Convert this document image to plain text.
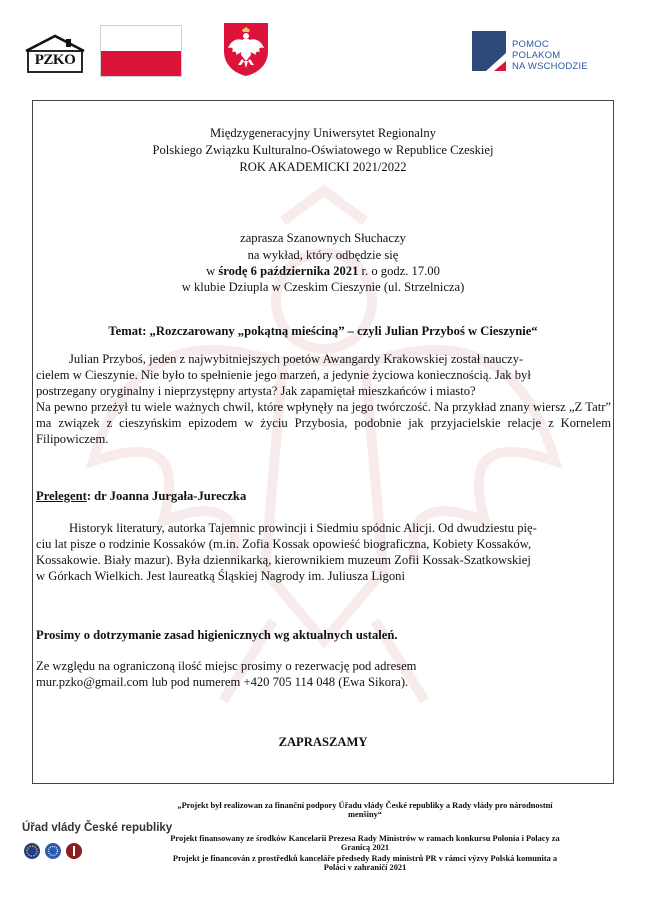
PZKO
POMOC
POLAKOM
NA WSCHODZIE
Międzygeneracyjny Uniwersytet Regionalny
Polskiego Związku Kulturalno-Oświatowego w Republice Czeskiej
ROK AKADEMICKI 2021/2022
zaprasza Szanownych Słuchaczy
na wykład, który odbędzie się
w środę 6 października 2021 r. o godz. 17.00
w klubie Dziupla w Czeskim Cieszynie (ul. Strzelnicza)
Temat: „Rozczarowany „pokątną mieściną” – czyli Julian Przyboś w Cieszynie“

Julian Przyboś, jeden z najwybitniejszych poetów Awangardy Krakowskiej został nauczy-

cielem w Cieszynie. Nie było to spełnienie jego marzeń, a jedynie życiowa koniecznością. Jak był

postrzegany oryginalny i nieprzystępny artysta? Jak zapamiętał mieszkańców i miasto?

Na pewno przeżył tu wiele ważnych chwil, które wpłynęły na jego twórczość. Na przykład znany wiersz „Z Tatr” ma związek z cieszyńskim epizodem w życiu Przybosia, podobnie jak przyjacielskie relacje z Kornelem Filipowiczem.

Prelegent: dr Joanna Jurgała-Jureczka

Historyk literatury, autorka Tajemnic prowincji i Siedmiu spódnic Alicji. Od dwudziestu pię-

ciu lat pisze o rodzinie Kossaków (m.in. Zofia Kossak opowieść biograficzna, Kobiety Kossaków,

Kossakowie. Biały mazur). Była dziennikarką, kierownikiem muzeum Zofii Kossak-Szatkowskiej

w Górkach Wielkich. Jest laureatką Śląskiej Nagrody im. Juliusza Ligoni

Prosimy o dotrzymanie zasad higienicznych wg aktualnych ustaleń.

Ze względu na ograniczoną ilość miejsc prosimy o rezerwację pod adresem

mur.pzko@gmail.com lub pod numerem +420 705 114 048 (Ewa Sikora).

ZAPRASZAMY
Úřad vlády České republiky

„Projekt był realizowan za finanční podpory Úřadu vlády České republiky a Rady vlády pro národnostní menšiny“

Projekt finansowany ze środków Kancelarii Prezesa Rady Ministrów w ramach konkursu Polonia i Polacy za Granicą 2021

Projekt je financován z prostředků kanceláře předsedy Rady ministrů PR v rámci výzvy Polská komunita a Poláci v zahraničí 2021
